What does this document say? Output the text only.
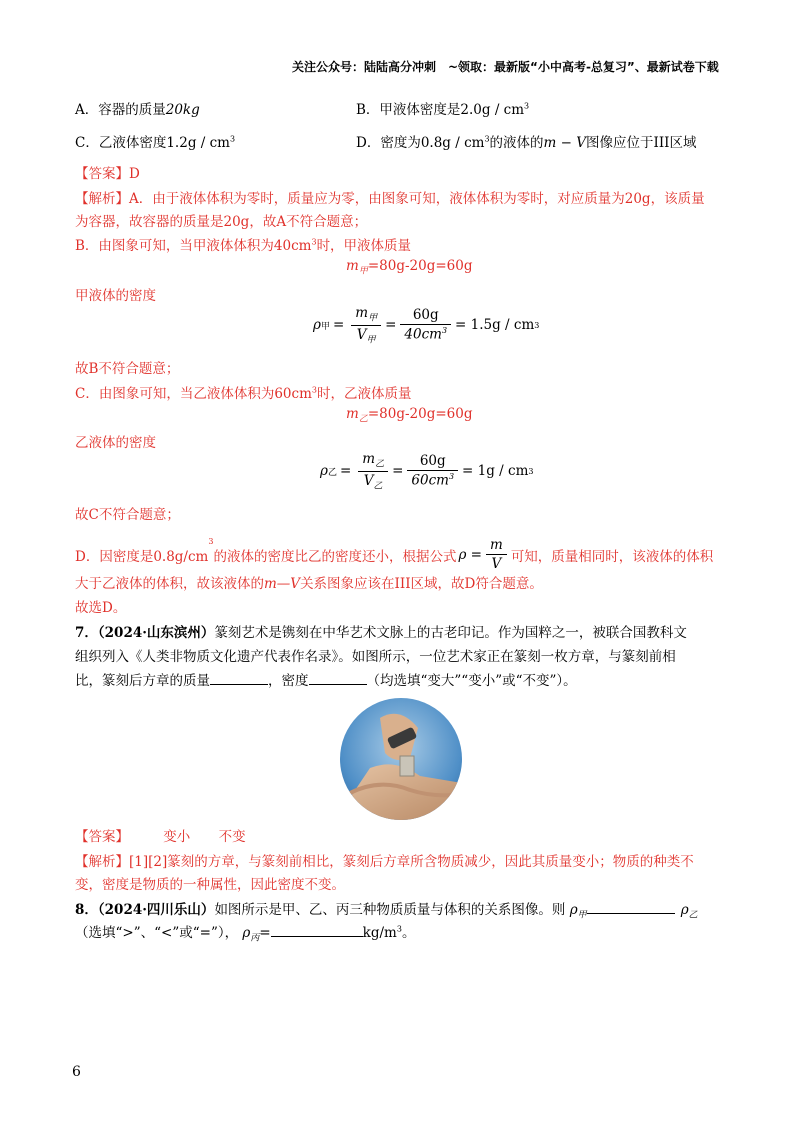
关注公众号：陆陆高分冲刺　~领取：最新版“小中高考-总复习”、最新试卷下载
A．容器的质量20kg	B．甲液体密度是$2.0g / cm^3$
C．乙液体密度$1.2g / cm^3$	D．密度为$0.8g / cm^3$的液体的m − V图像应位于III区域
【答案】D
【解析】A．由于液体体积为零时，质量应为零，由图象可知，液体体积为零时，对应质量为20g，该质量
为容器，故容器的质量是20g，故A不符合题意；
B．由图象可知，当甲液体体积为$40cm^3$时，甲液体质量
$m_甲=80g-20g=60g$
甲液体的密度
ρ 甲 = $\frac{m_甲}{V_甲} = \frac{60g}{40cm^3} = 1.5g$ / cm 3
故B不符合题意；
C．由图象可知，当乙液体体积为$60cm^3$时，乙液体质量
$m_乙=80g-20g=60g$
乙液体的密度
ρ 乙 = $\frac{m_乙}{V_乙} = \frac{60g}{60cm^3} = 1g$ / cm 3
故C不符合题意；
D．因密度是0.8g/cm
$^3$
的液体的密度比乙的密度还小，根据公式 $\rho = \frac{m}{V}$ 可知，质量相同时，该液体的体积
大于乙液体的体积，故该液体的m—V关系图象应该在III区域，故D符合题意。
故选D。
7．（2024·山东滨州）篆刻艺术是镌刻在中华艺术文脉上的古老印记。作为国粹之一，被联合国教科文
组织列入《人类非物质文化遗产代表作名录》。如图所示，一位艺术家正在篆刻一枚方章，与篆刻前相
比，篆刻后方章的质量	，密度	（均选填“变大”“变小”或“不变”）。
【答案】	变小 不变
【解析】[1][2]篆刻的方章，与篆刻前相比，篆刻后方章所含物质减少，因此其质量变小；物质的种类不
变，密度是物质的一种属性，因此密度不变。
8．（2024·四川乐山）如图所示是甲、乙、丙三种物质质量与体积的关系图像。则 $\rho_甲$	$\rho_乙$
（选填“>”、“<”或“=”）， $\rho_丙=$	$kg/m^3$。
6
